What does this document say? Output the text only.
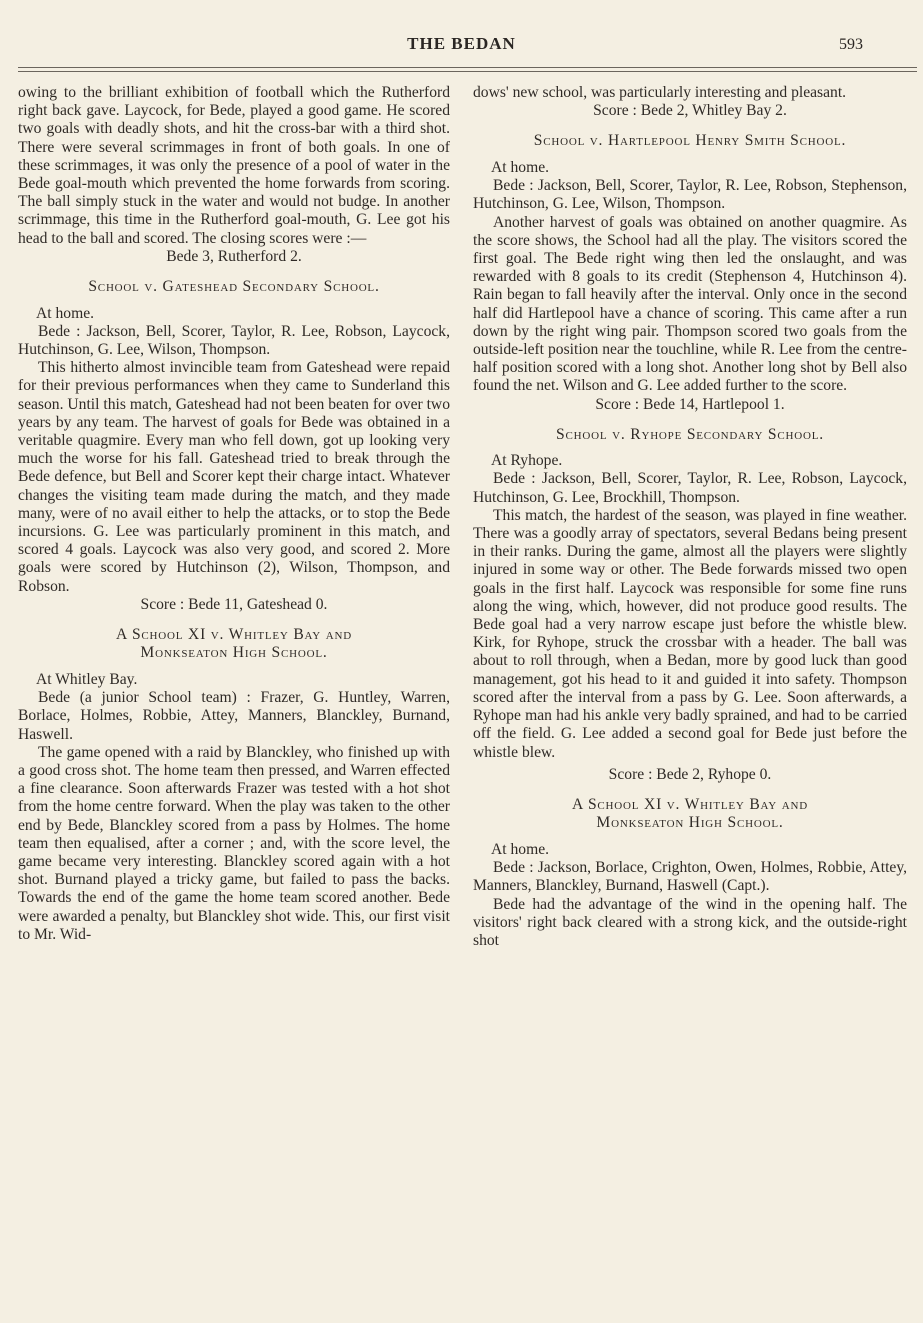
THE BEDAN	593

owing to the brilliant exhibition of football which the Rutherford right back gave. Laycock, for Bede, played a good game. He scored two goals with deadly shots, and hit the cross-bar with a third shot. There were several scrimmages in front of both goals. In one of these scrimmages, it was only the presence of a pool of water in the Bede goal-mouth which prevented the home forwards from scoring. The ball simply stuck in the water and would not budge. In another scrimmage, this time in the Rutherford goal-mouth, G. Lee got his head to the ball and scored. The closing scores were :—

Bede 3, Rutherford 2.

School v. Gateshead Secondary School.

At home.

Bede : Jackson, Bell, Scorer, Taylor, R. Lee, Robson, Laycock, Hutchinson, G. Lee, Wilson, Thompson.

This hitherto almost invincible team from Gateshead were repaid for their previous performances when they came to Sunderland this season. Until this match, Gateshead had not been beaten for over two years by any team. The harvest of goals for Bede was obtained in a veritable quagmire. Every man who fell down, got up looking very much the worse for his fall. Gateshead tried to break through the Bede defence, but Bell and Scorer kept their charge intact. Whatever changes the visiting team made during the match, and they made many, were of no avail either to help the attacks, or to stop the Bede incursions. G. Lee was particularly prominent in this match, and scored 4 goals. Laycock was also very good, and scored 2. More goals were scored by Hutchinson (2), Wilson, Thompson, and Robson.

Score : Bede 11, Gateshead 0.

A School XI v. Whitley Bay and
Monkseaton High School.

At Whitley Bay.

Bede (a junior School team) : Frazer, G. Huntley, Warren, Borlace, Holmes, Robbie, Attey, Manners, Blanckley, Burnand, Haswell.

The game opened with a raid by Blanckley, who finished up with a good cross shot. The home team then pressed, and Warren effected a fine clearance. Soon afterwards Frazer was tested with a hot shot from the home centre forward. When the play was taken to the other end by Bede, Blanckley scored from a pass by Holmes. The home team then equalised, after a corner ; and, with the score level, the game became very interesting. Blanckley scored again with a hot shot. Burnand played a tricky game, but failed to pass the backs. Towards the end of the game the home team scored another. Bede were awarded a penalty, but Blanckley shot wide. This, our first visit to Mr. Wid-

dows' new school, was particularly interesting and pleasant.

Score : Bede 2, Whitley Bay 2.

School v. Hartlepool Henry Smith School.

At home.

Bede : Jackson, Bell, Scorer, Taylor, R. Lee, Robson, Stephenson, Hutchinson, G. Lee, Wilson, Thompson.

Another harvest of goals was obtained on another quagmire. As the score shows, the School had all the play. The visitors scored the first goal. The Bede right wing then led the onslaught, and was rewarded with 8 goals to its credit (Stephenson 4, Hutchinson 4). Rain began to fall heavily after the interval. Only once in the second half did Hartlepool have a chance of scoring. This came after a run down by the right wing pair. Thompson scored two goals from the outside-left position near the touchline, while R. Lee from the centre-half position scored with a long shot. Another long shot by Bell also found the net. Wilson and G. Lee added further to the score.

Score : Bede 14, Hartlepool 1.

School v. Ryhope Secondary School.

At Ryhope.

Bede : Jackson, Bell, Scorer, Taylor, R. Lee, Robson, Laycock, Hutchinson, G. Lee, Brockhill, Thompson.

This match, the hardest of the season, was played in fine weather. There was a goodly array of spectators, several Bedans being present in their ranks. During the game, almost all the players were slightly injured in some way or other. The Bede forwards missed two open goals in the first half. Laycock was responsible for some fine runs along the wing, which, however, did not produce good results. The Bede goal had a very narrow escape just before the whistle blew. Kirk, for Ryhope, struck the crossbar with a header. The ball was about to roll through, when a Bedan, more by good luck than good management, got his head to it and guided it into safety. Thompson scored after the interval from a pass by G. Lee. Soon afterwards, a Ryhope man had his ankle very badly sprained, and had to be carried off the field. G. Lee added a second goal for Bede just before the whistle blew.

Score : Bede 2, Ryhope 0.

A School XI v. Whitley Bay and
Monkseaton High School.

At home.

Bede : Jackson, Borlace, Crighton, Owen, Holmes, Robbie, Attey, Manners, Blanckley, Burnand, Haswell (Capt.).

Bede had the advantage of the wind in the opening half. The visitors' right back cleared with a strong kick, and the outside-right shot
